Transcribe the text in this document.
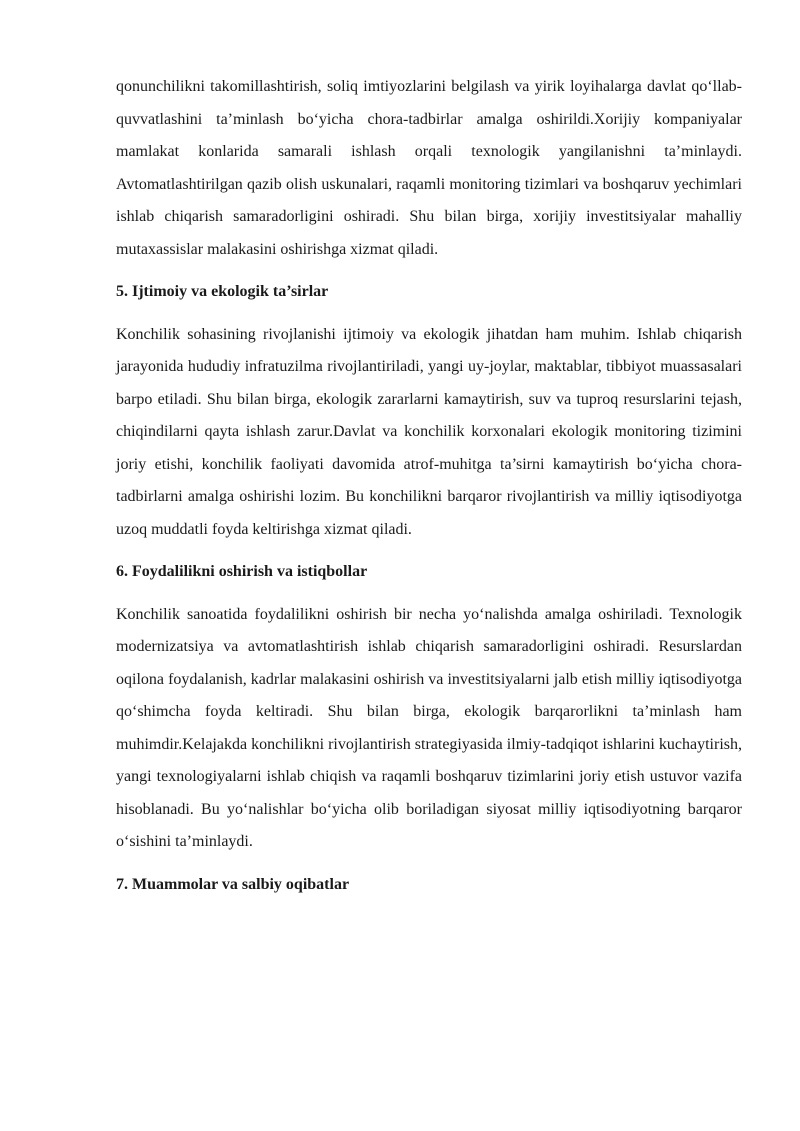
qonunchilikni takomillashtirish, soliq imtiyozlarini belgilash va yirik loyihalarga davlat qo‘llab-quvvatlashini ta’minlash bo‘yicha chora-tadbirlar amalga oshirildi.Xorijiy kompaniyalar mamlakat konlarida samarali ishlash orqali texnologik yangilanishni ta’minlaydi. Avtomatlashtirilgan qazib olish uskunalari, raqamli monitoring tizimlari va boshqaruv yechimlari ishlab chiqarish samaradorligini oshiradi. Shu bilan birga, xorijiy investitsiyalar mahalliy mutaxassislar malakasini oshirishga xizmat qiladi.

5. Ijtimoiy va ekologik ta’sirlar

Konchilik sohasining rivojlanishi ijtimoiy va ekologik jihatdan ham muhim. Ishlab chiqarish jarayonida hududiy infratuzilma rivojlantiriladi, yangi uy-joylar, maktablar, tibbiyot muassasalari barpo etiladi. Shu bilan birga, ekologik zararlarni kamaytirish, suv va tuproq resurslarini tejash, chiqindilarni qayta ishlash zarur.Davlat va konchilik korxonalari ekologik monitoring tizimini joriy etishi, konchilik faoliyati davomida atrof-muhitga ta’sirni kamaytirish bo‘yicha chora-tadbirlarni amalga oshirishi lozim. Bu konchilikni barqaror rivojlantirish va milliy iqtisodiyotga uzoq muddatli foyda keltirishga xizmat qiladi.

6. Foydalilikni oshirish va istiqbollar

Konchilik sanoatida foydalilikni oshirish bir necha yo‘nalishda amalga oshiriladi. Texnologik modernizatsiya va avtomatlashtirish ishlab chiqarish samaradorligini oshiradi. Resurslardan oqilona foydalanish, kadrlar malakasini oshirish va investitsiyalarni jalb etish milliy iqtisodiyotga qo‘shimcha foyda keltiradi. Shu bilan birga, ekologik barqarorlikni ta’minlash ham muhimdir.Kelajakda konchilikni rivojlantirish strategiyasida ilmiy-tadqiqot ishlarini kuchaytirish, yangi texnologiyalarni ishlab chiqish va raqamli boshqaruv tizimlarini joriy etish ustuvor vazifa hisoblanadi. Bu yo‘nalishlar bo‘yicha olib boriladigan siyosat milliy iqtisodiyotning barqaror o‘sishini ta’minlaydi.

7. Muammolar va salbiy oqibatlar
